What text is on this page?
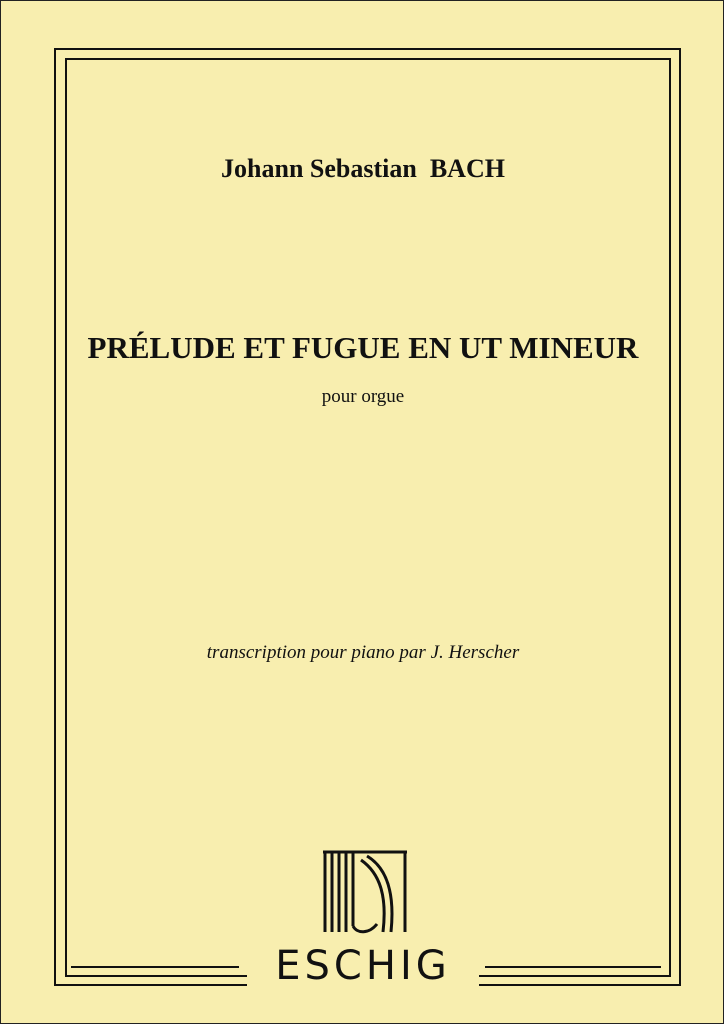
Johann Sebastian  BACH
PRÉLUDE ET FUGUE EN UT MINEUR
pour orgue
transcription pour piano par J. Herscher
ESCHIG
